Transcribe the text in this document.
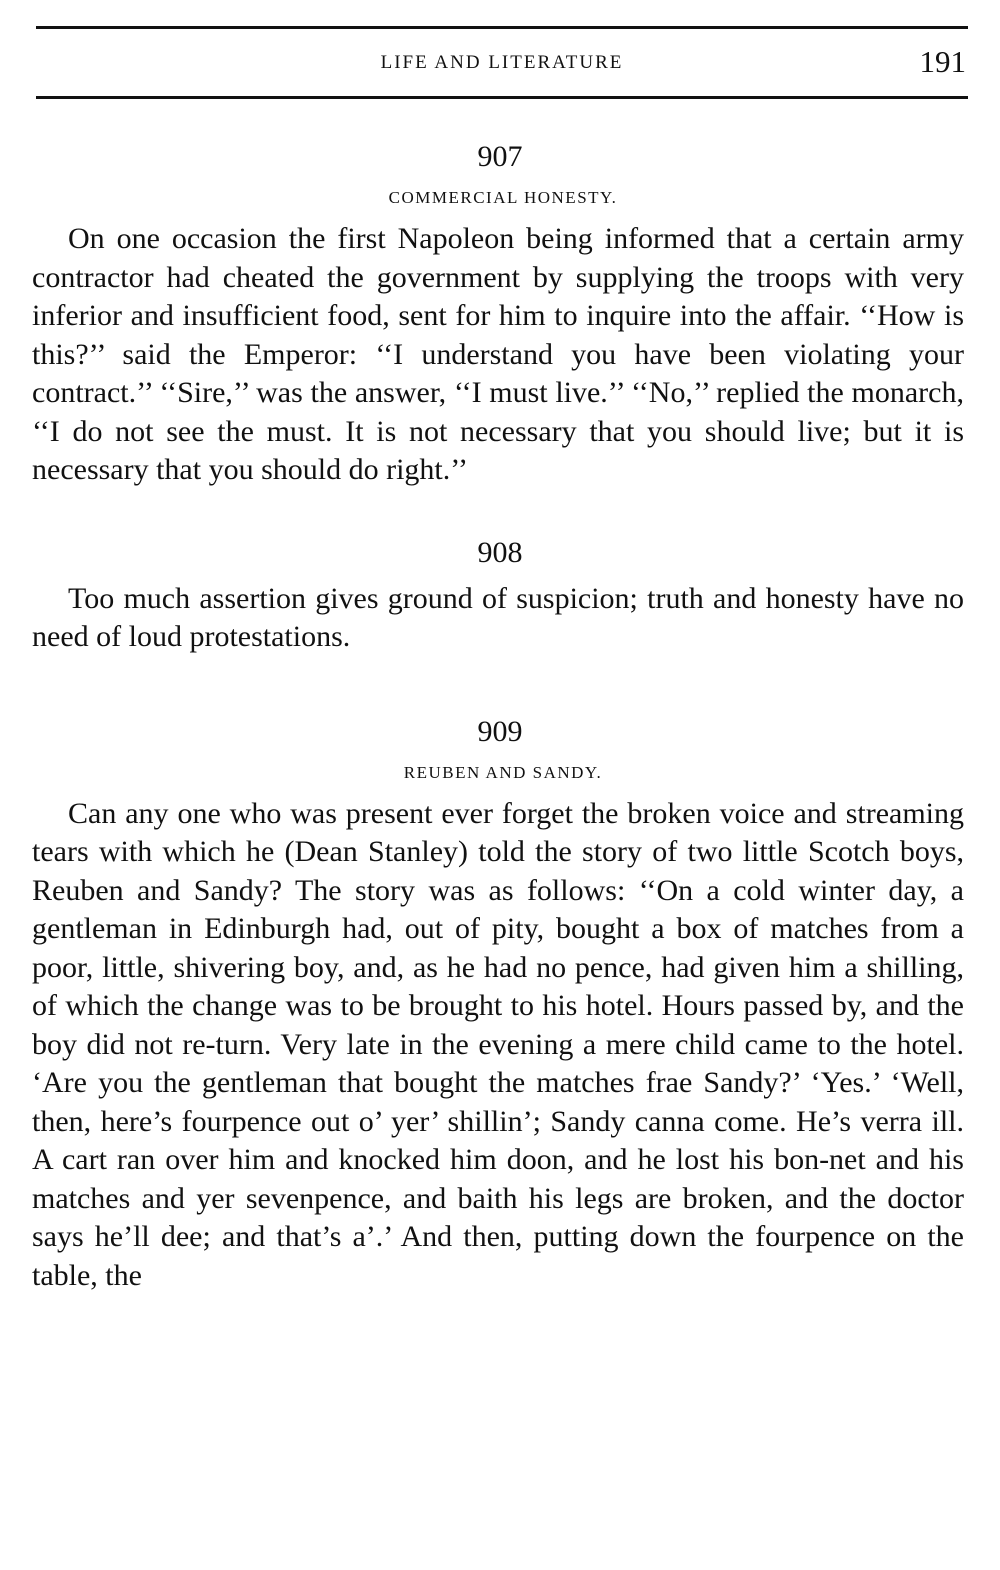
LIFE AND LITERATURE	191

907

COMMERCIAL HONESTY.

On one occasion the first Napoleon being informed that a certain army contractor had cheated the government by supplying the troops with very inferior and insufficient food, sent for him to inquire into the affair. ‘‘How is this?’’ said the Emperor: ‘‘I understand you have been violating your contract.’’ ‘‘Sire,’’ was the answer, ‘‘I must live.’’ ‘‘No,’’ replied the monarch, ‘‘I do not see the must. It is not necessary that you should live; but it is necessary that you should do right.’’

908

Too much assertion gives ground of suspicion; truth and honesty have no need of loud protestations.

909

REUBEN AND SANDY.

Can any one who was present ever forget the broken voice and streaming tears with which he (Dean Stanley) told the story of two little Scotch boys, Reuben and Sandy? The story was as follows: ‘‘On a cold winter day, a gentleman in Edinburgh had, out of pity, bought a box of matches from a poor, little, shivering boy, and, as he had no pence, had given him a shilling, of which the change was to be brought to his hotel. Hours passed by, and the boy did not re-turn. Very late in the evening a mere child came to the hotel. ‘Are you the gentleman that bought the matches frae Sandy?’ ‘Yes.’ ‘Well, then, here’s fourpence out o’ yer’ shillin’; Sandy canna come. He’s verra ill. A cart ran over him and knocked him doon, and he lost his bon-net and his matches and yer sevenpence, and baith his legs are broken, and the doctor says he’ll dee; and that’s a’.’ And then, putting down the fourpence on the table, the
